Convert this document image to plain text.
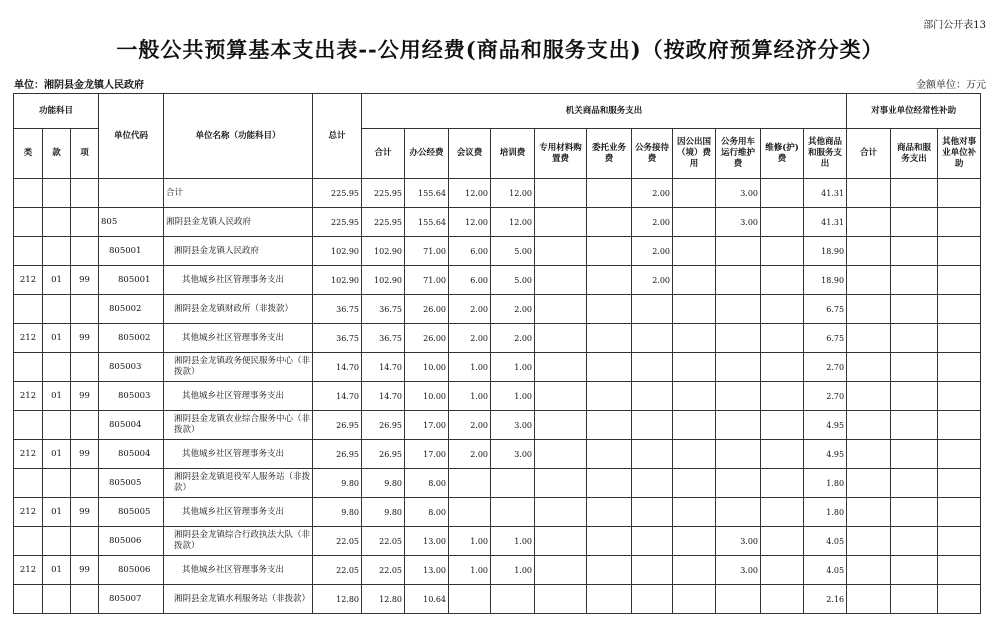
部门公开表13
一般公共预算基本支出表--公用经费(商品和服务支出)（按政府预算经济分类）
单位：湘阴县金龙镇人民政府	金额单位：万元
功能科目			单位代码	单位名称（功能科目）	总计	机关商品和服务支出											对事业单位经常性补助		
类	款	项				合计	办公经费	会议费	培训费	专用材料购置费	委托业务费	公务接待费	因公出国（境）费用	公务用车运行维护费	维修(护)费	其他商品和服务支出	合计	商品和服务支出	其他对事业单位补助
				合计	225.95	225.95	155.64	12.00	12.00			2.00		3.00		41.31			
			805	湘阴县金龙镇人民政府	225.95	225.95	155.64	12.00	12.00			2.00		3.00		41.31			
			805001	湘阴县金龙镇人民政府	102.90	102.90	71.00	6.00	5.00			2.00				18.90			
212	01	99	805001	其他城乡社区管理事务支出	102.90	102.90	71.00	6.00	5.00			2.00				18.90			
			805002	湘阴县金龙镇财政所（非拨款）	36.75	36.75	26.00	2.00	2.00							6.75			
212	01	99	805002	其他城乡社区管理事务支出	36.75	36.75	26.00	2.00	2.00							6.75			
			805003	湘阴县金龙镇政务便民服务中心（非拨款）	14.70	14.70	10.00	1.00	1.00							2.70			
212	01	99	805003	其他城乡社区管理事务支出	14.70	14.70	10.00	1.00	1.00							2.70			
			805004	湘阴县金龙镇农业综合服务中心（非拨款）	26.95	26.95	17.00	2.00	3.00							4.95			
212	01	99	805004	其他城乡社区管理事务支出	26.95	26.95	17.00	2.00	3.00							4.95			
			805005	湘阴县金龙镇退役军人服务站（非拨款）	9.80	9.80	8.00									1.80			
212	01	99	805005	其他城乡社区管理事务支出	9.80	9.80	8.00									1.80			
			805006	湘阴县金龙镇综合行政执法大队（非拨款）	22.05	22.05	13.00	1.00	1.00					3.00		4.05			
212	01	99	805006	其他城乡社区管理事务支出	22.05	22.05	13.00	1.00	1.00					3.00		4.05			
			805007	湘阴县金龙镇水利服务站（非拨款）	12.80	12.80	10.64									2.16			
